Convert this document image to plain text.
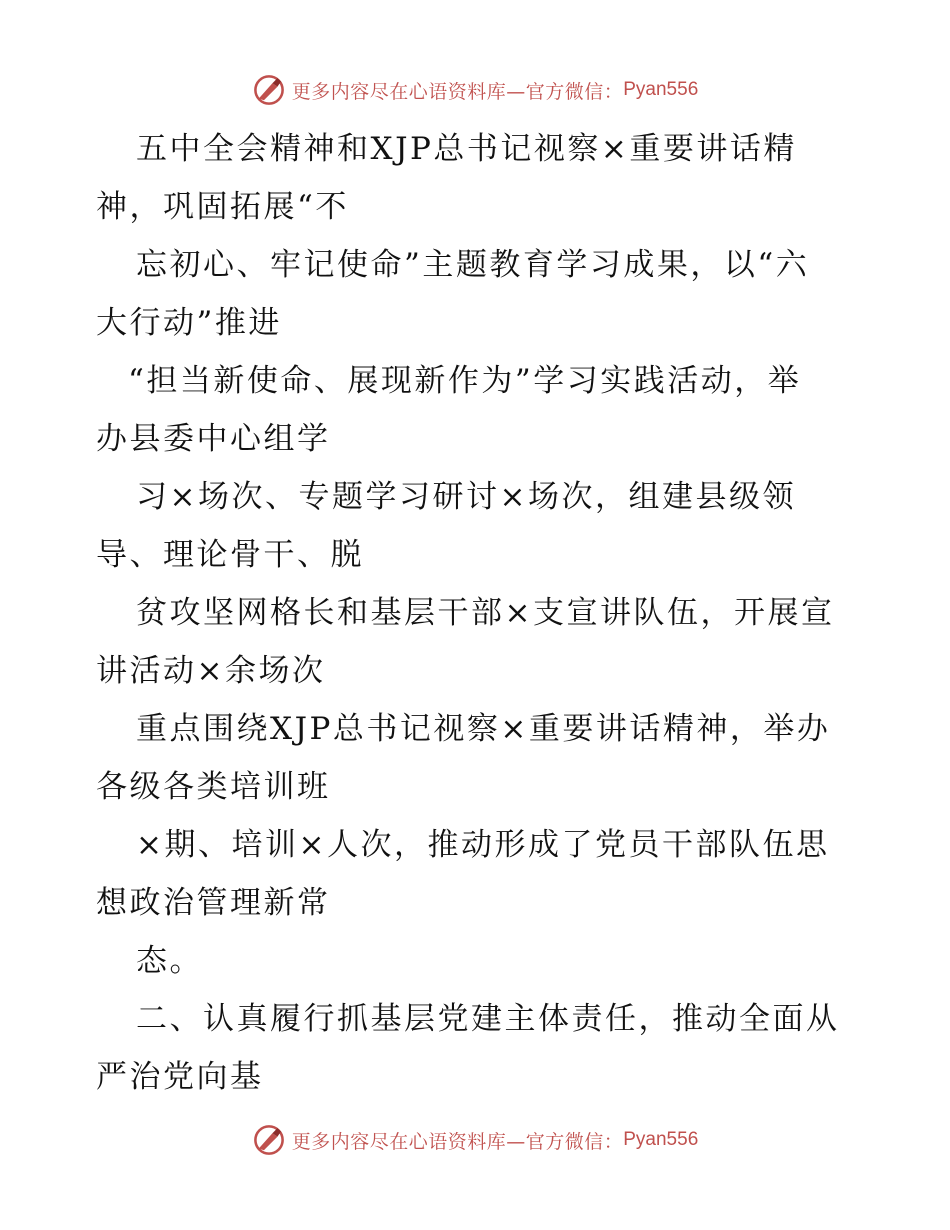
更多内容尽在心语资料库—官方微信： Pyan556
五中全会精神和XJP总书记视察×重要讲话精
神，巩固拓展“不
忘初心、牢记使命”主题教育学习成果，以“六
大行动”推进
“担当新使命、展现新作为”学习实践活动，举
办县委中心组学
习×场次、专题学习研讨×场次，组建县级领
导、理论骨干、脱
贫攻坚网格长和基层干部×支宣讲队伍，开展宣
讲活动×余场次
重点围绕XJP总书记视察×重要讲话精神，举办
各级各类培训班
×期、培训×人次，推动形成了党员干部队伍思
想政治管理新常
态。
二、认真履行抓基层党建主体责任，推动全面从
严治党向基
更多内容尽在心语资料库—官方微信： Pyan556
